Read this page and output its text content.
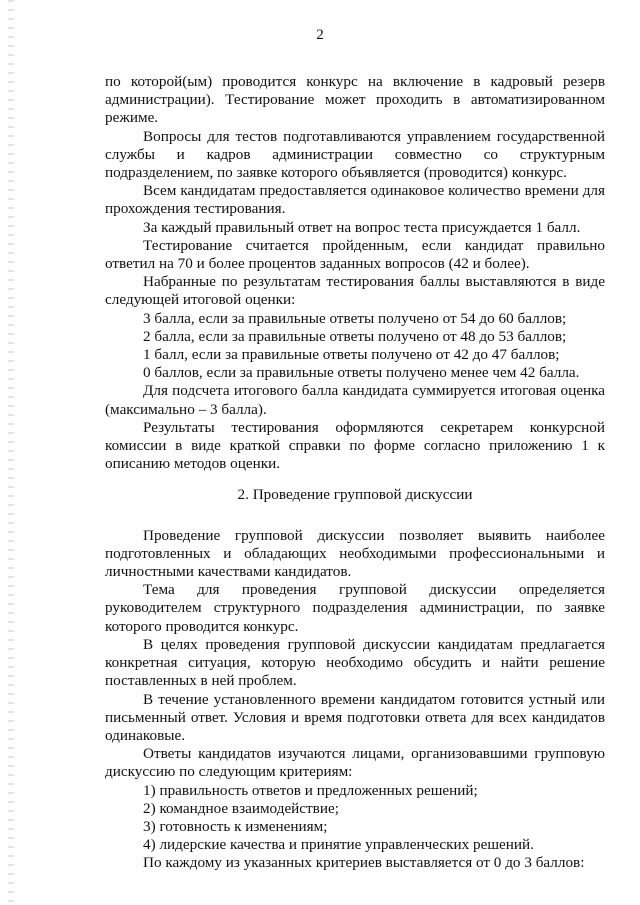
2

по которой(ым) проводится конкурс на включение в кадровый резерв администрации). Тестирование может проходить в автоматизированном режиме.

Вопросы для тестов подготавливаются управлением государственной службы и кадров администрации совместно со структурным подразделением, по заявке которого объявляется (проводится) конкурс.

Всем кандидатам предоставляется одинаковое количество времени для прохождения тестирования.

За каждый правильный ответ на вопрос теста присуждается 1 балл.

Тестирование считается пройденным, если кандидат правильно ответил на 70 и более процентов заданных вопросов (42 и более).

Набранные по результатам тестирования баллы выставляются в виде следующей итоговой оценки:

3 балла, если за правильные ответы получено от 54 до 60 баллов;

2 балла, если за правильные ответы получено от 48 до 53 баллов;

1 балл, если за правильные ответы получено от 42 до 47 баллов;

0 баллов, если за правильные ответы получено менее чем 42 балла.

Для подсчета итогового балла кандидата суммируется итоговая оценка (максимально – 3 балла).

Результаты тестирования оформляются секретарем конкурсной комиссии в виде краткой справки по форме согласно приложению 1 к описанию методов оценки.

2. Проведение групповой дискуссии

Проведение групповой дискуссии позволяет выявить наиболее подготовленных и обладающих необходимыми профессиональными и личностными качествами кандидатов.

Тема для проведения групповой дискуссии определяется руководителем структурного подразделения администрации, по заявке которого проводится конкурс.

В целях проведения групповой дискуссии кандидатам предлагается конкретная ситуация, которую необходимо обсудить и найти решение поставленных в ней проблем.

В течение установленного времени кандидатом готовится устный или письменный ответ. Условия и время подготовки ответа для всех кандидатов одинаковые.

Ответы кандидатов изучаются лицами, организовавшими групповую дискуссию по следующим критериям:

1) правильность ответов и предложенных решений;

2) командное взаимодействие;

3) готовность к изменениям;

4) лидерские качества и принятие управленческих решений.

По каждому из указанных критериев выставляется от 0 до 3 баллов:
